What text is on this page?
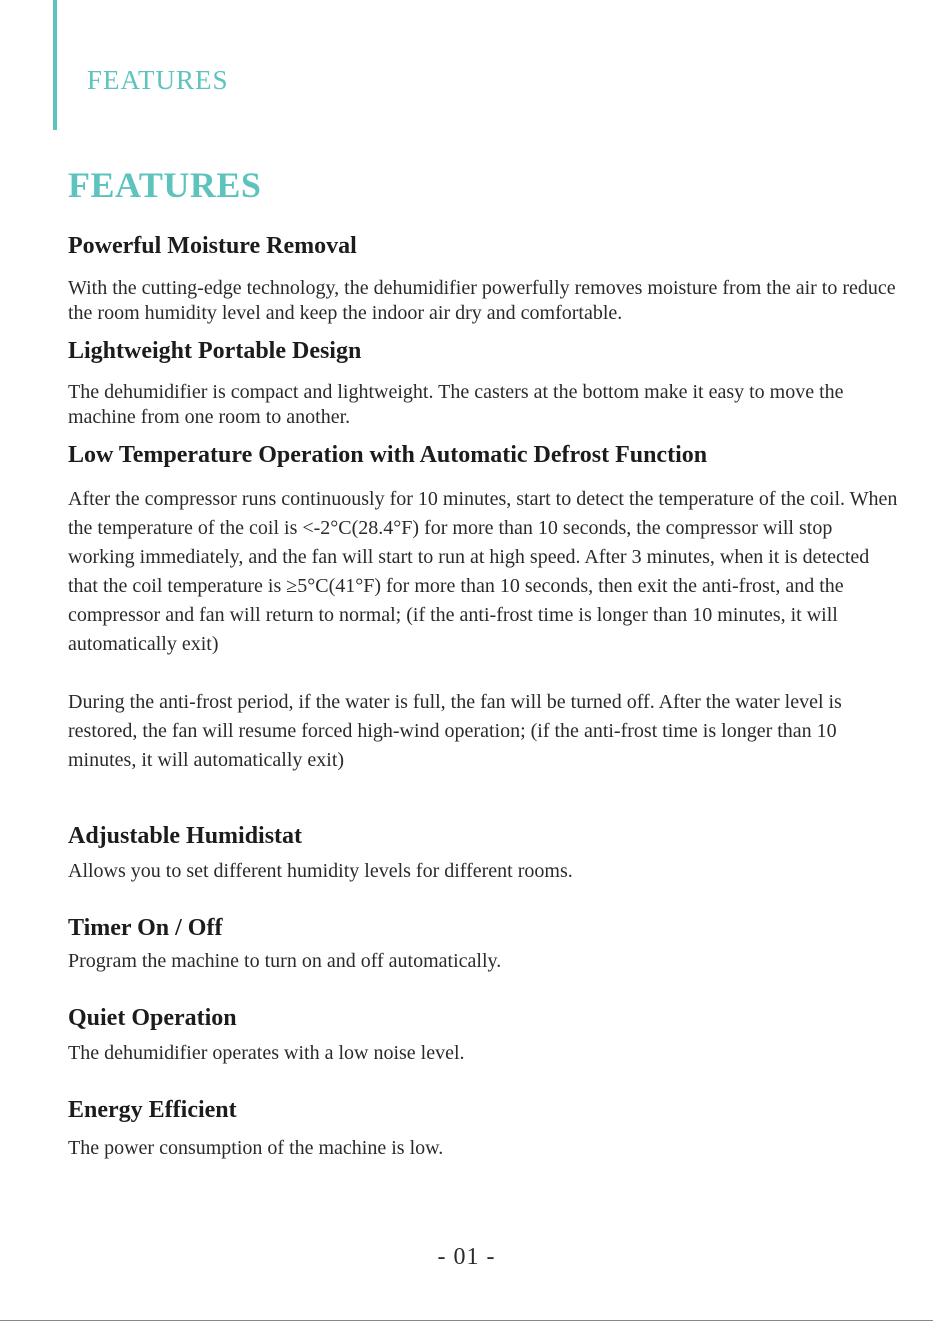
FEATURES
FEATURES
Powerful Moisture Removal

With the cutting-edge technology, the dehumidifier powerfully removes moisture from the air to reduce the room humidity level and keep the indoor air dry and comfortable.

Lightweight Portable Design

The dehumidifier is compact and lightweight. The casters at the bottom make it easy to move the machine from one room to another.

Low Temperature Operation with Automatic Defrost Function

After the compressor runs continuously for 10 minutes, start to detect the temperature of the coil. When the temperature of the coil is <-2°C(28.4°F) for more than 10 seconds, the compressor will stop working immediately, and the fan will start to run at high speed. After 3 minutes, when it is detected that the coil temperature is ≥5°C(41°F) for more than 10 seconds, then exit the anti-frost, and the compressor and fan will return to normal; (if the anti-frost time is longer than 10 minutes, it will automatically exit)

During the anti-frost period, if the water is full, the fan will be turned off. After the water level is restored, the fan will resume forced high-wind operation; (if the anti-frost time is longer than 10 minutes, it will automatically exit)

Adjustable Humidistat

Allows you to set different humidity levels for different rooms.

Timer On / Off

Program the machine to turn on and off automatically.

Quiet Operation

The dehumidifier operates with a low noise level.

Energy Efficient

The power consumption of the machine is low.

- 01 -
